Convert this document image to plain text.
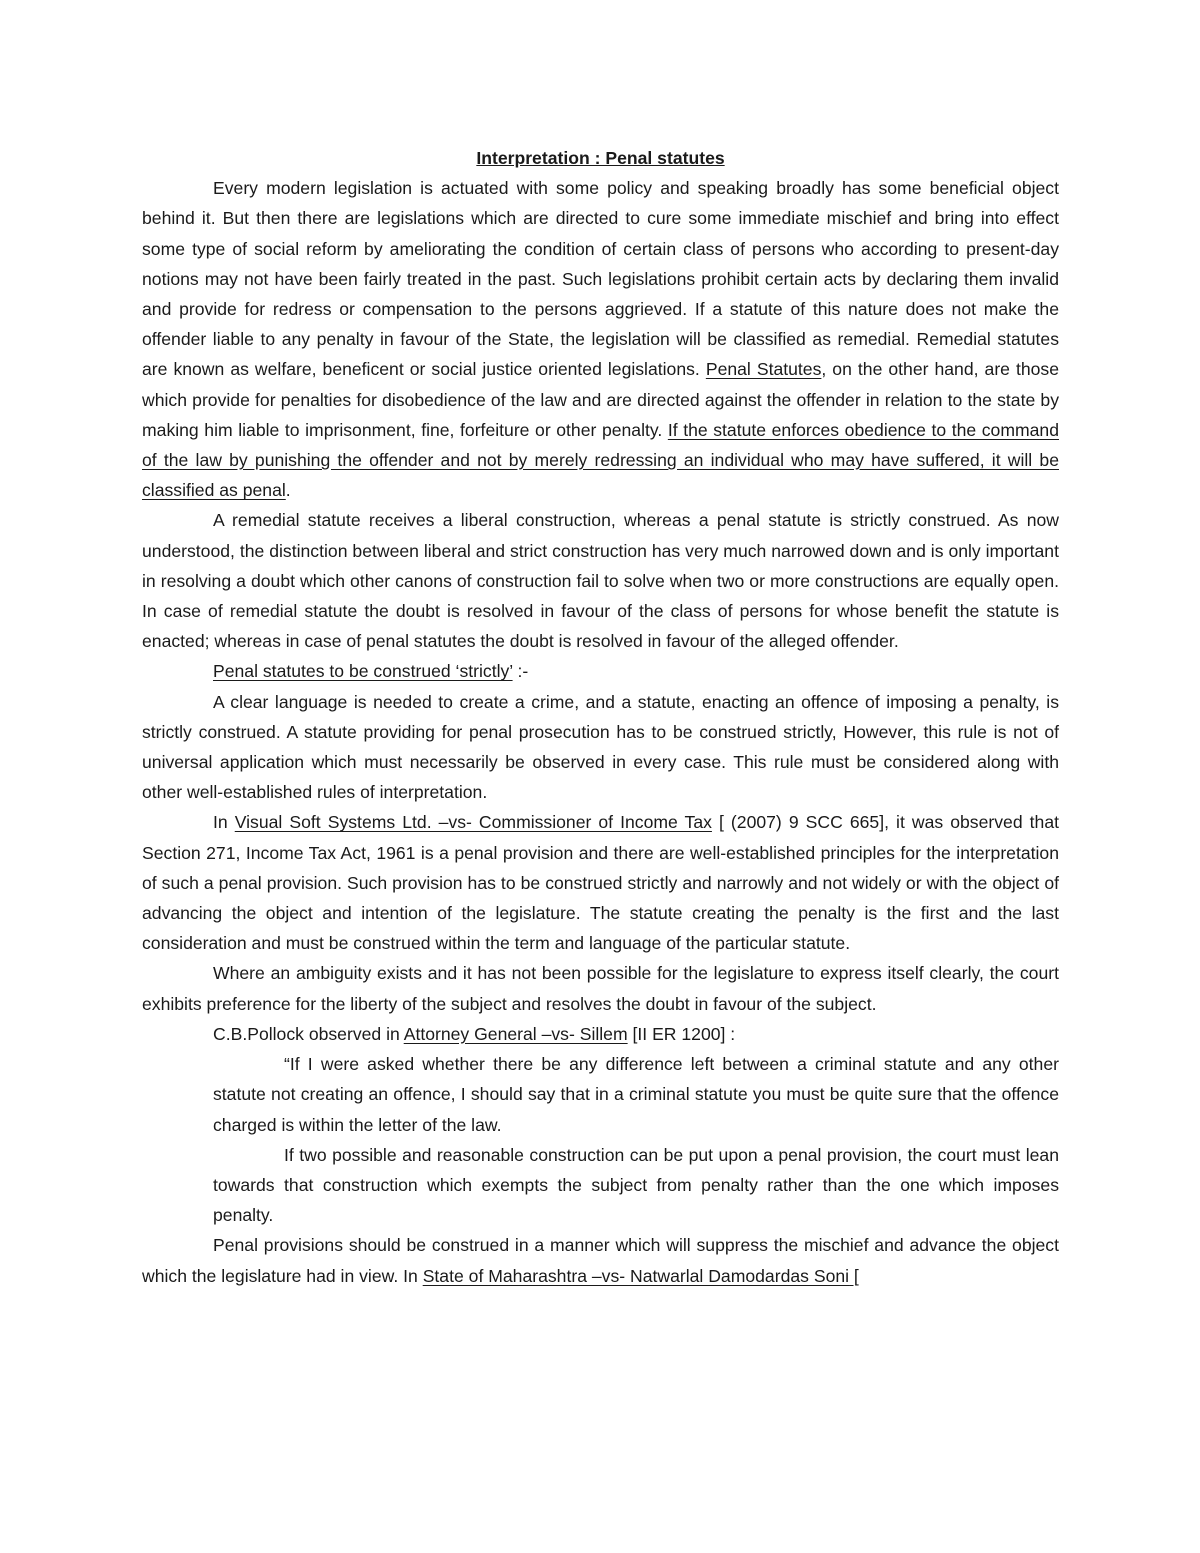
Interpretation : Penal statutes

Every modern legislation is actuated with some policy and speaking broadly has some beneficial object behind it. But then there are legislations which are directed to cure some immediate mischief and bring into effect some type of social reform by ameliorating the condition of certain class of persons who according to present-day notions may not have been fairly treated in the past. Such legislations prohibit certain acts by declaring them invalid and provide for redress or compensation to the persons aggrieved. If a statute of this nature does not make the offender liable to any penalty in favour of the State, the legislation will be classified as remedial. Remedial statutes are known as welfare, beneficent or social justice oriented legislations. Penal Statutes, on the other hand, are those which provide for penalties for disobedience of the law and are directed against the offender in relation to the state by making him liable to imprisonment, fine, forfeiture or other penalty. If the statute enforces obedience to the command of the law by punishing the offender and not by merely redressing an individual who may have suffered, it will be classified as penal.

A remedial statute receives a liberal construction, whereas a penal statute is strictly construed. As now understood, the distinction between liberal and strict construction has very much narrowed down and is only important in resolving a doubt which other canons of construction fail to solve when two or more constructions are equally open. In case of remedial statute the doubt is resolved in favour of the class of persons for whose benefit the statute is enacted; whereas in case of penal statutes the doubt is resolved in favour of the alleged offender.

Penal statutes to be construed ‘strictly’ :-

A clear language is needed to create a crime, and a statute, enacting an offence of imposing a penalty, is strictly construed. A statute providing for penal prosecution has to be construed strictly, However, this rule is not of universal application which must necessarily be observed in every case. This rule must be considered along with other well-established rules of interpretation.

In Visual Soft Systems Ltd. –vs- Commissioner of Income Tax [ (2007) 9 SCC 665], it was observed that Section 271, Income Tax Act, 1961 is a penal provision and there are well-established principles for the interpretation of such a penal provision. Such provision has to be construed strictly and narrowly and not widely or with the object of advancing the object and intention of the legislature. The statute creating the penalty is the first and the last consideration and must be construed within the term and language of the particular statute.

Where an ambiguity exists and it has not been possible for the legislature to express itself clearly, the court exhibits preference for the liberty of the subject and resolves the doubt in favour of the subject.

C.B.Pollock observed in Attorney General –vs- Sillem [II ER 1200] :

“If I were asked whether there be any difference left between a criminal statute and any other statute not creating an offence, I should say that in a criminal statute you must be quite sure that the offence charged is within the letter of the law.

If two possible and reasonable construction can be put upon a penal provision, the court must lean towards that construction which exempts the subject from penalty rather than the one which imposes penalty.

Penal provisions should be construed in a manner which will suppress the mischief and advance the object which the legislature had in view. In State of Maharashtra –vs- Natwarlal Damodardas Soni [
